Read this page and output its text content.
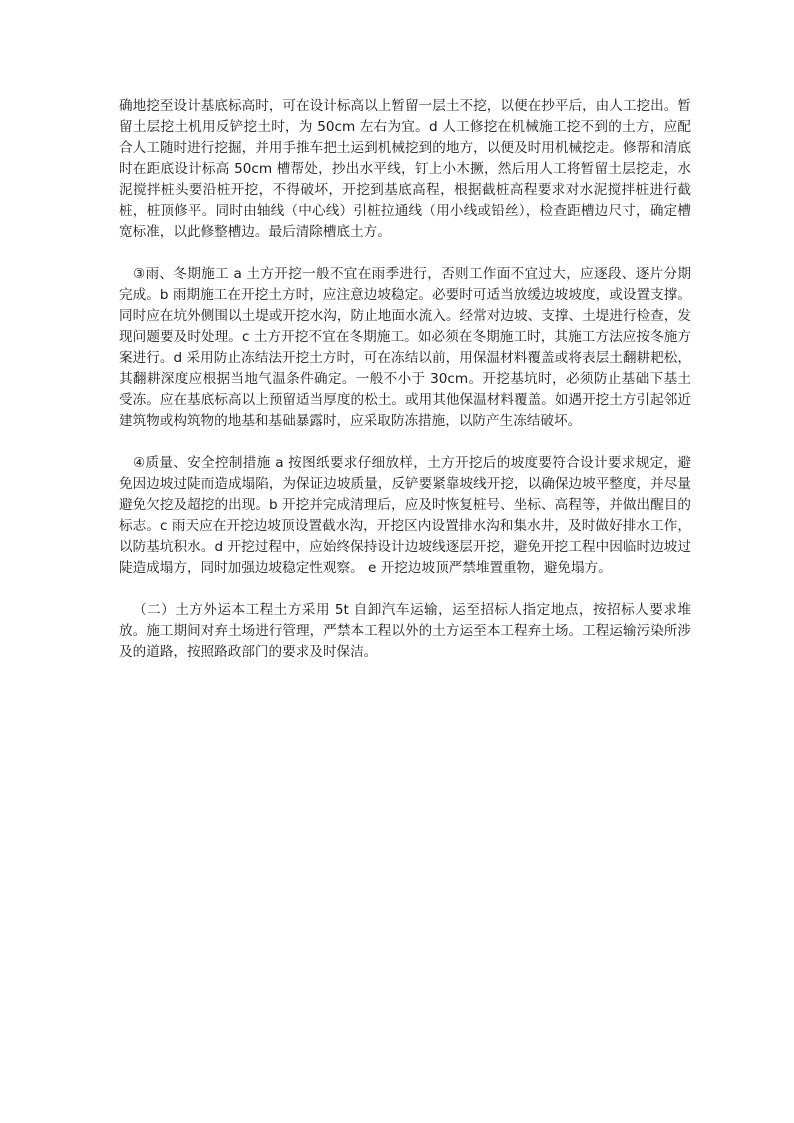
确地挖至设计基底标高时，可在设计标高以上暂留一层土不挖，以便在抄平后，由人工挖出。暂留土层挖土机用反铲挖土时，为 50cm 左右为宜。d 人工修挖在机械施工挖不到的土方，应配合人工随时进行挖掘，并用手推车把土运到机械挖到的地方，以便及时用机械挖走。修帮和清底时在距底设计标高 50cm 槽帮处，抄出水平线，钉上小木撅，然后用人工将暂留土层挖走，水泥搅拌桩头要沿桩开挖，不得破坏，开挖到基底高程，根据截桩高程要求对水泥搅拌桩进行截桩，桩顶修平。同时由轴线（中心线）引桩拉通线（用小线或铅丝），检查距槽边尺寸，确定槽宽标准，以此修整槽边。最后清除槽底土方。

③雨、冬期施工 a 土方开挖一般不宜在雨季进行，否则工作面不宜过大，应逐段、逐片分期完成。b 雨期施工在开挖土方时，应注意边坡稳定。必要时可适当放缓边坡坡度，或设置支撑。同时应在坑外侧围以土堤或开挖水沟，防止地面水流入。经常对边坡、支撑、土堤进行检查，发现问题要及时处理。c 土方开挖不宜在冬期施工。如必须在冬期施工时，其施工方法应按冬施方案进行。d 采用防止冻结法开挖土方时，可在冻结以前，用保温材料覆盖或将表层土翻耕耙松，其翻耕深度应根据当地气温条件确定。一般不小于 30cm。开挖基坑时，必须防止基础下基土受冻。应在基底标高以上预留适当厚度的松土。或用其他保温材料覆盖。如遇开挖土方引起邻近建筑物或构筑物的地基和基础暴露时，应采取防冻措施，以防产生冻结破坏。

④质量、安全控制措施 a 按图纸要求仔细放样，土方开挖后的坡度要符合设计要求规定，避免因边坡过陡而造成塌陷，为保证边坡质量，反铲要紧靠坡线开挖，以确保边坡平整度，并尽量避免欠挖及超挖的出现。b 开挖并完成清理后，应及时恢复桩号、坐标、高程等，并做出醒目的标志。c 雨天应在开挖边坡顶设置截水沟，开挖区内设置排水沟和集水井，及时做好排水工作，以防基坑积水。d 开挖过程中，应始终保持设计边坡线逐层开挖，避免开挖工程中因临时边坡过陡造成塌方，同时加强边坡稳定性观察。 e 开挖边坡顶严禁堆置重物，避免塌方。

（二）土方外运本工程土方采用 5t 自卸汽车运输，运至招标人指定地点，按招标人要求堆放。施工期间对弃土场进行管理，严禁本工程以外的土方运至本工程弃土场。工程运输污染所涉及的道路，按照路政部门的要求及时保洁。
